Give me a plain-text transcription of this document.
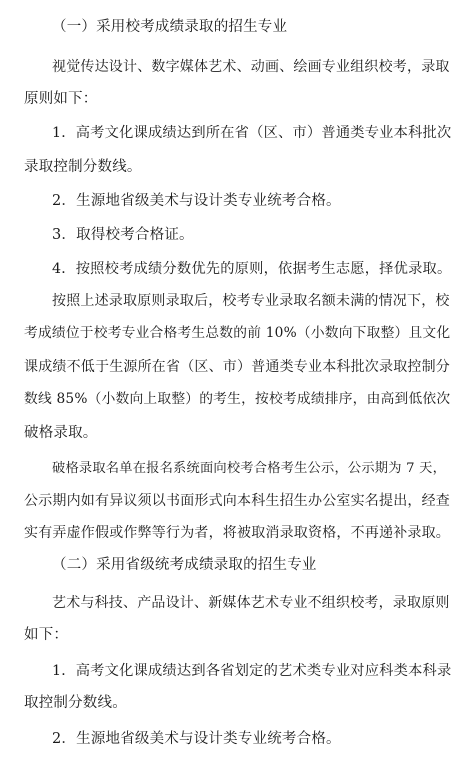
（一）采用校考成绩录取的招生专业
视觉传达设计、数字媒体艺术、动画、绘画专业组织校考，录取
原则如下：
1．高考文化课成绩达到所在省（区、市）普通类专业本科批次
录取控制分数线。
2．生源地省级美术与设计类专业统考合格。
3．取得校考合格证。
4．按照校考成绩分数优先的原则，依据考生志愿，择优录取。
按照上述录取原则录取后，校考专业录取名额未满的情况下，校
考成绩位于校考专业合格考生总数的前 10%（小数向下取整）且文化
课成绩不低于生源所在省（区、市）普通类专业本科批次录取控制分
数线 85%（小数向上取整）的考生，按校考成绩排序，由高到低依次
破格录取。
破格录取名单在报名系统面向校考合格考生公示，公示期为 7 天，
公示期内如有异议须以书面形式向本科生招生办公室实名提出，经查
实有弄虚作假或作弊等行为者，将被取消录取资格，不再递补录取。
（二）采用省级统考成绩录取的招生专业
艺术与科技、产品设计、新媒体艺术专业不组织校考，录取原则
如下：
1．高考文化课成绩达到各省划定的艺术类专业对应科类本科录
取控制分数线。
2．生源地省级美术与设计类专业统考合格。
